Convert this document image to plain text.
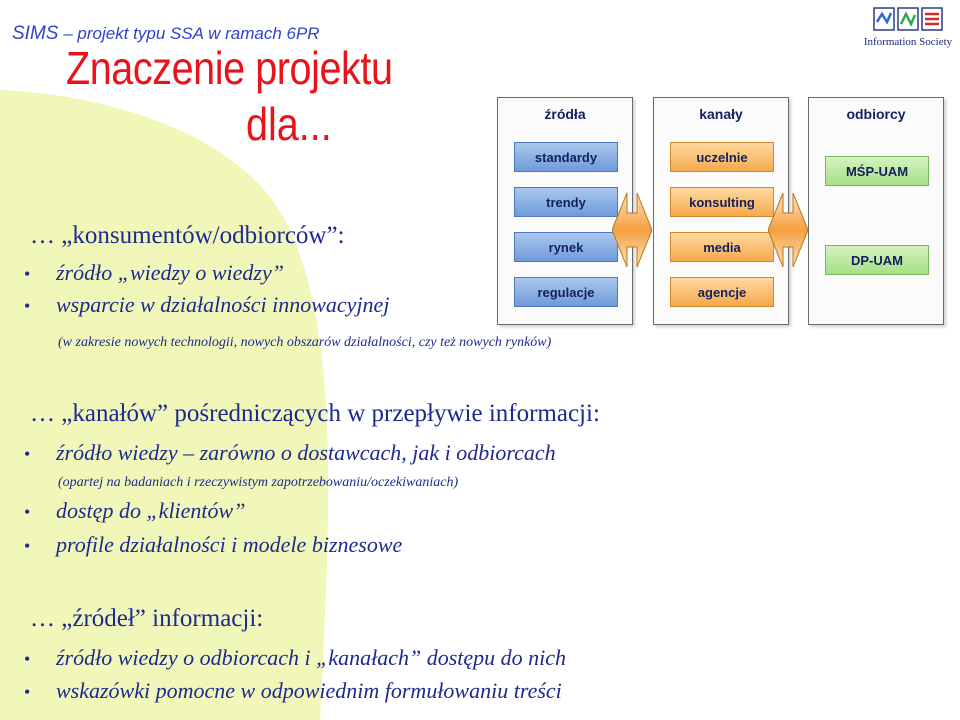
SIMS – projekt typu SSA w ramach 6PR
Znaczenie projektu
dla...
Information Society
źródła
standardy
trendy
rynek
regulacje
kanały
uczelnie
konsulting
media
agencje
odbiorcy
MŚP-UAM
DP-UAM
… „konsumentów/odbiorców”:
• źródło „wiedzy o wiedzy”
• wsparcie w działalności innowacyjnej
(w zakresie nowych technologii, nowych obszarów działalności, czy też nowych rynków)
… „kanałów” pośredniczących w przepływie informacji:
• źródło wiedzy – zarówno o dostawcach, jak i odbiorcach
(opartej na badaniach i rzeczywistym zapotrzebowaniu/oczekiwaniach)
• dostęp do „klientów”
• profile działalności i modele biznesowe
… „źródeł” informacji:
• źródło wiedzy o odbiorcach i „kanałach” dostępu do nich
• wskazówki pomocne w odpowiednim formułowaniu treści
